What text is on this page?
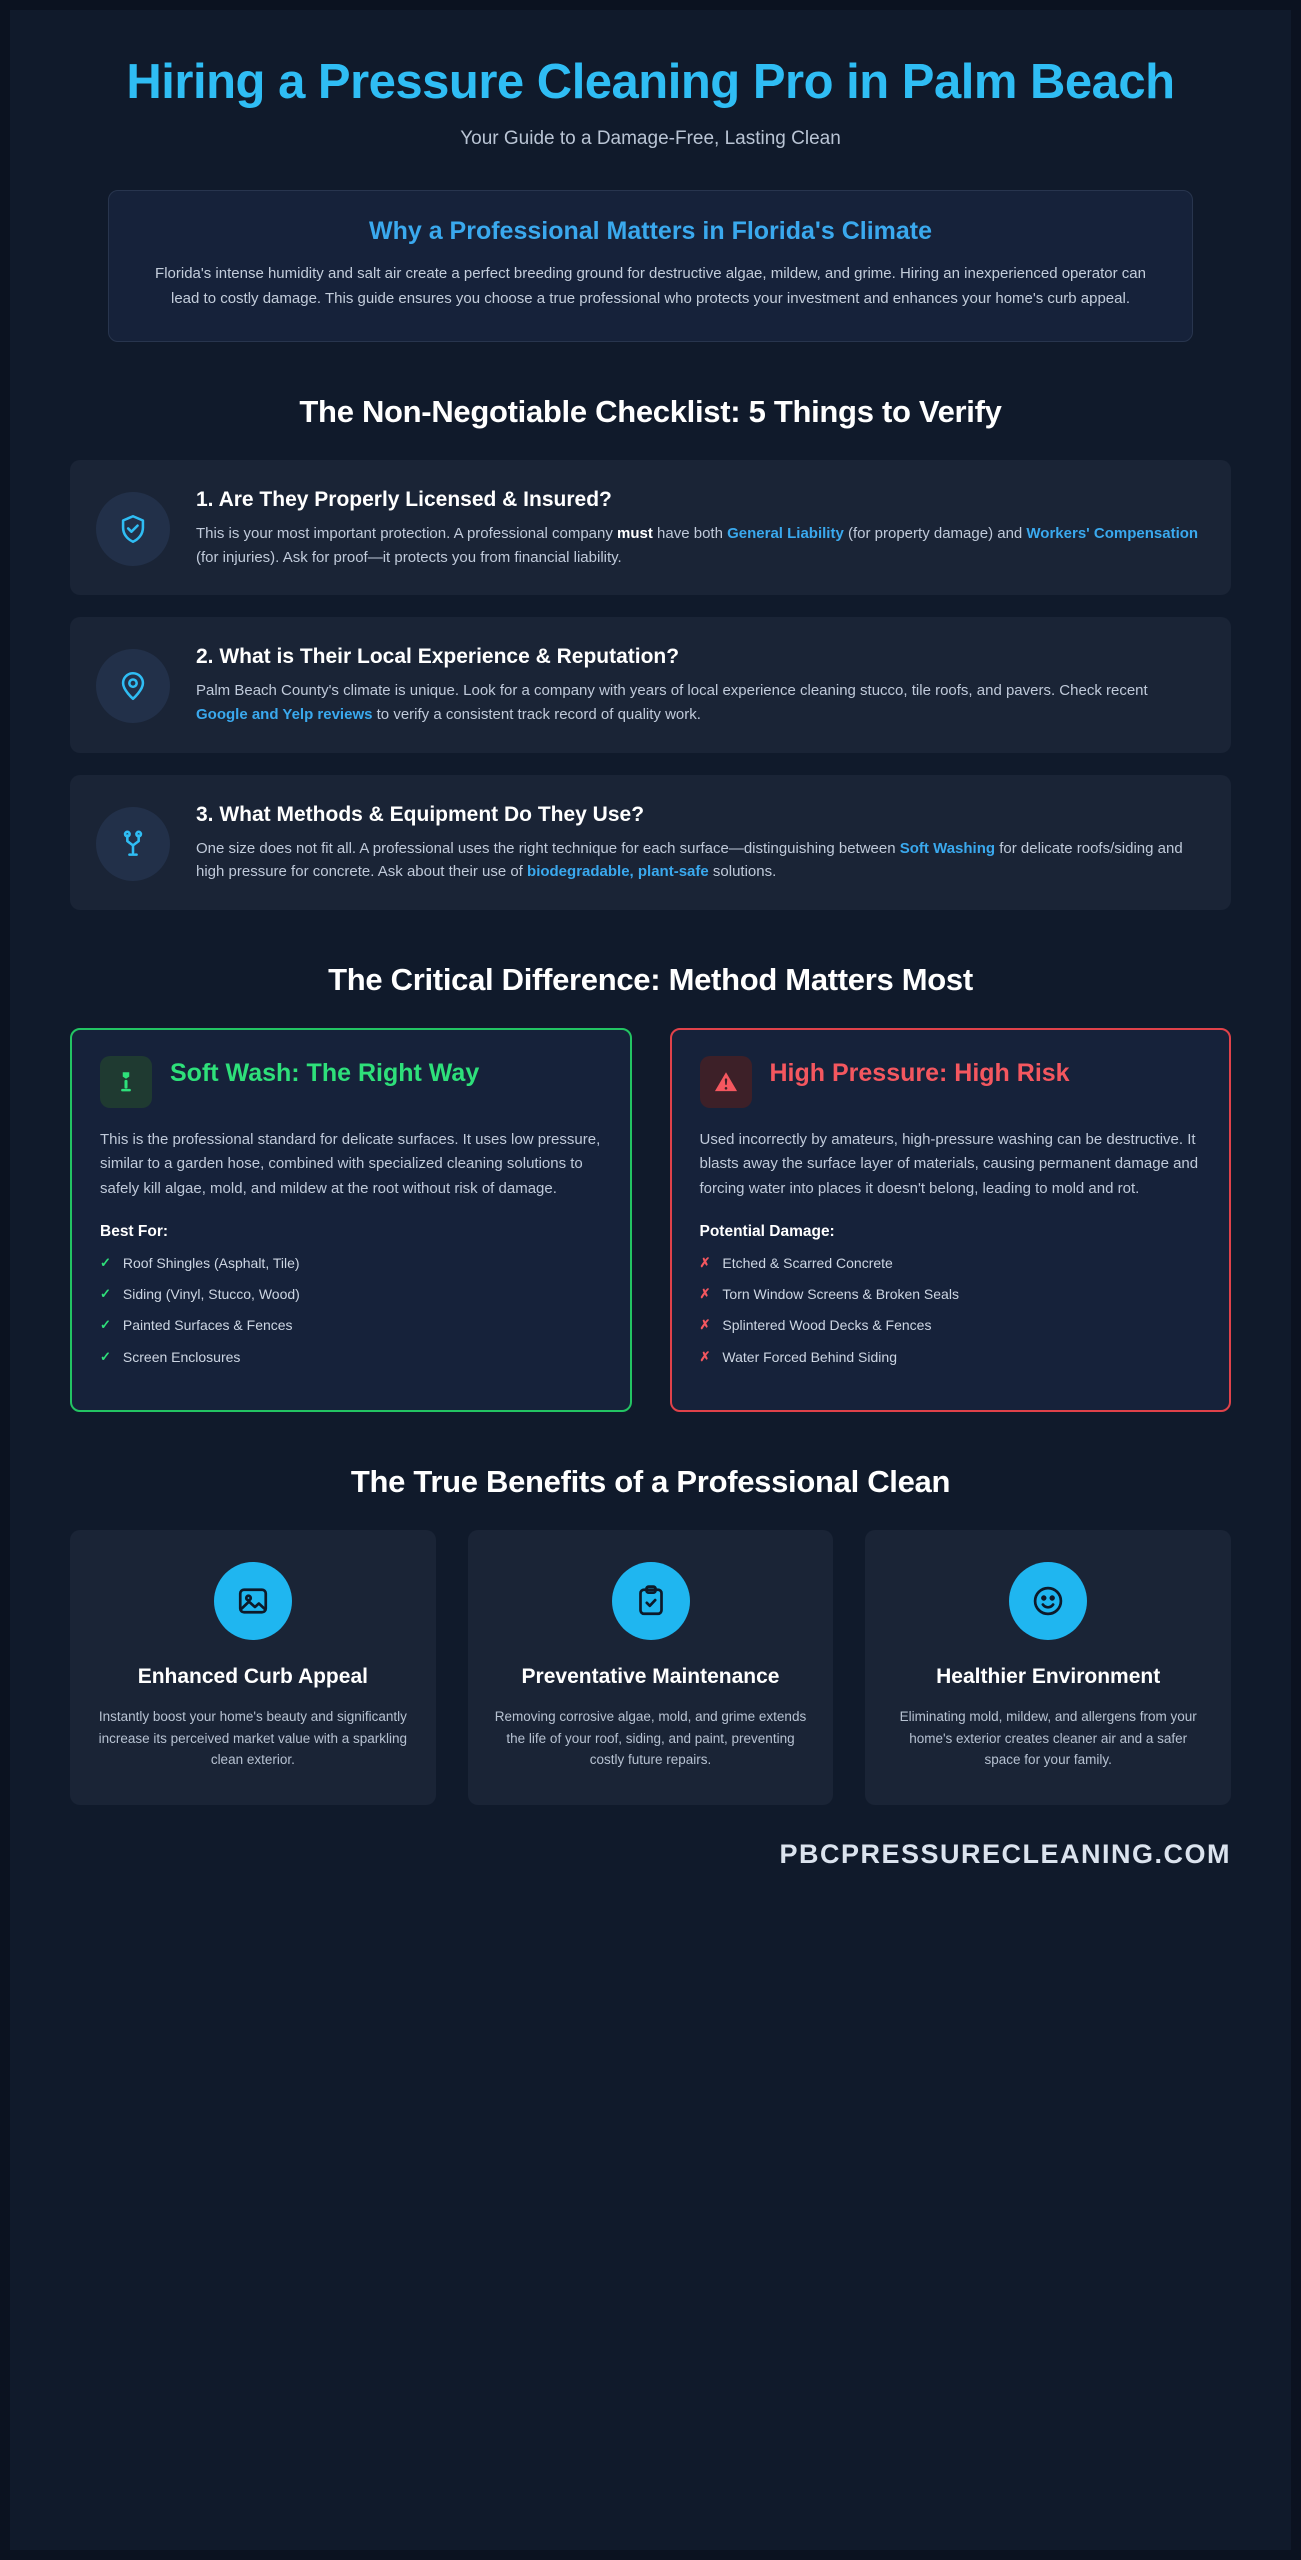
Hiring a Pressure Cleaning Pro in Palm Beach
Your Guide to a Damage-Free, Lasting Clean
Why a Professional Matters in Florida's Climate
Florida's intense humidity and salt air create a perfect breeding ground for destructive algae, mildew, and grime. Hiring an inexperienced operator can lead to costly damage. This guide ensures you choose a true professional who protects your investment and enhances your home's curb appeal.
The Non-Negotiable Checklist: 5 Things to Verify
1. Are They Properly Licensed & Insured?
This is your most important protection. A professional company must have both General Liability (for property damage) and Workers' Compensation (for injuries). Ask for proof—it protects you from financial liability.
2. What is Their Local Experience & Reputation?
Palm Beach County's climate is unique. Look for a company with years of local experience cleaning stucco, tile roofs, and pavers. Check recent Google and Yelp reviews to verify a consistent track record of quality work.
3. What Methods & Equipment Do They Use?
One size does not fit all. A professional uses the right technique for each surface—distinguishing between Soft Washing for delicate roofs/siding and high pressure for concrete. Ask about their use of biodegradable, plant-safe solutions.
The Critical Difference: Method Matters Most
Soft Wash: The Right Way
This is the professional standard for delicate surfaces. It uses low pressure, similar to a garden hose, combined with specialized cleaning solutions to safely kill algae, mold, and mildew at the root without risk of damage.
Best For:
✓ Roof Shingles (Asphalt, Tile)
✓ Siding (Vinyl, Stucco, Wood)
✓ Painted Surfaces & Fences
✓ Screen Enclosures
High Pressure: High Risk
Used incorrectly by amateurs, high-pressure washing can be destructive. It blasts away the surface layer of materials, causing permanent damage and forcing water into places it doesn't belong, leading to mold and rot.
Potential Damage:
✗ Etched & Scarred Concrete
✗ Torn Window Screens & Broken Seals
✗ Splintered Wood Decks & Fences
✗ Water Forced Behind Siding
The True Benefits of a Professional Clean
Enhanced Curb Appeal
Instantly boost your home's beauty and significantly increase its perceived market value with a sparkling clean exterior.
Preventative Maintenance
Removing corrosive algae, mold, and grime extends the life of your roof, siding, and paint, preventing costly future repairs.
Healthier Environment
Eliminating mold, mildew, and allergens from your home's exterior creates cleaner air and a safer space for your family.
PBCPRESSURECLEANING.COM
